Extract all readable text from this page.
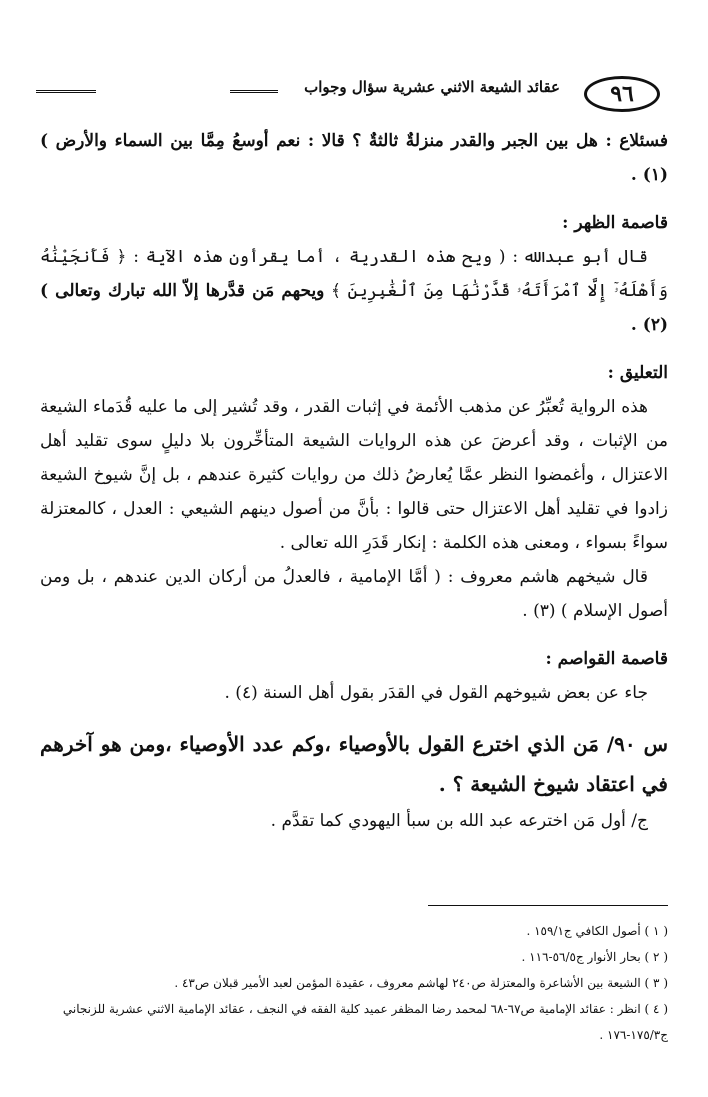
٩٦
عقائد الشيعة الاثني عشرية سؤال وجواب

فسئلاع : هل بين الجبر والقدر منزلةٌ ثالثةٌ ؟ قالا : نعم أوسعُ مِمَّا بين السماء والأرض ) (١) .

قاصمة الظهر :

قال أبو عبدالله : ( ويح هذه القدرية ، أما يقرأون هذه الآية : ﴿ فَأَنجَيْنَٰهُ وَأَهْلَهُۥٓ إِلَّا ٱمْرَأَتَهُۥ قَدَّرْنَٰهَا مِنَ ٱلْغَٰبِرِينَ ﴾ ويحهم مَن قدَّرها إلاّ الله تبارك وتعالى ) (٢) .

التعليق :

هذه الرواية تُعبِّرُ عن مذهب الأئمة في إثبات القدر ، وقد تُشير إلى ما عليه قُدَماء الشيعة من الإثبات ، وقد أعرضَ عن هذه الروايات الشيعة المتأخِّرون بلا دليلٍ سوى تقليد أهل الاعتزال ، وأغمضوا النظر عمَّا يُعارضُ ذلك من روايات كثيرة عندهم ، بل إنَّ شيوخ الشيعة زادوا في تقليد أهل الاعتزال حتى قالوا : بأنَّ من أصول دينهم الشيعي : العدل ، كالمعتزلة سواءً بسواء ، ومعنى هذه الكلمة : إنكار قَدَرِ الله تعالى .

قال شيخهم هاشم معروف : ( أمَّا الإمامية ، فالعدلُ من أركان الدين عندهم ، بل ومن أصول الإسلام ) (٣) .

قاصمة القواصم :

جاء عن بعض شيوخهم القول في القدَر بقول أهل السنة (٤) .

س ٩٠/ مَن الذي اخترع القول بالأوصياء ،وكم عدد الأوصياء ،ومن هو آخرهم في اعتقاد شيوخ الشيعة ؟ .

ج/ أول مَن اخترعه عبد الله بن سبأ اليهودي كما تقدَّم .

( ١ ) أصول الكافي ج١٥٩/١ .

( ٢ ) بحار الأنوار ج٥٦/٥-١١٦ .

( ٣ ) الشيعة بين الأشاعرة والمعتزلة ص٢٤٠ لهاشم معروف ، عقيدة المؤمن لعبد الأمير قبلان ص٤٣ .

( ٤ ) انظر : عقائد الإمامية ص٦٧-٦٨ لمحمد رضا المظفر عميد كلية الفقه في النجف ، عقائد الإمامية الاثني عشرية للزنجاني ج١٧٥/٣-١٧٦ .
